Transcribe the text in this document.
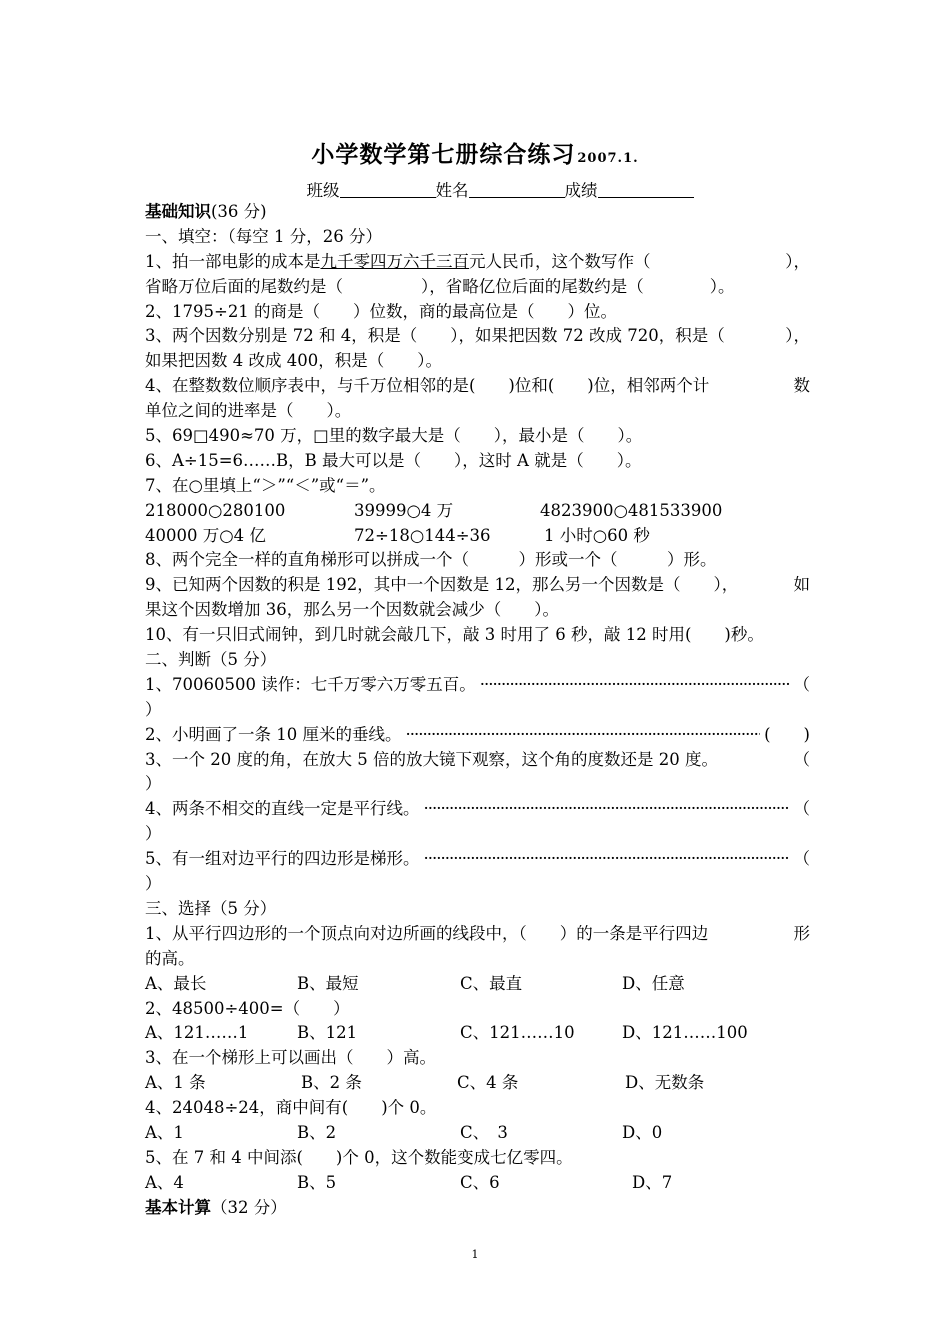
小学数学第七册综合练习 2007.1.
班级	姓名	成绩
基础知识(36 分)
一、填空：（每空 1 分，26 分）
1、拍一部电影的成本是九千零四万六千三百元人民币，这个数写作（	），
省略万位后面的尾数约是（	），省略亿位后面的尾数约是（　　　　）。
2、1795÷21 的商是（　　）位数，商的最高位是（　　）位。
3、两个因数分别是 72 和 4，积是（　　），如果把因数 72 改成 720，积是（	），
如果把因数 4 改成 400，积是（　　）。
4、在整数数位顺序表中，与千万位相邻的是(　　)位和(　　)位，相邻两个计	数
单位之间的进率是（　　）。
5、69□490≈70 万，□里的数字最大是（　　），最小是（　　）。
6、A÷15=6……B，B 最大可以是（　　），这时 A 就是（　　）。
7、在○里填上“＞”“＜”或“＝”。
218000○280100	39999○4 万	4823900○481533900
40000 万○4 亿	72÷18○144÷36	1 小时○60 秒
8、两个完全一样的直角梯形可以拼成一个（　　　）形或一个（　　　）形。
9、已知两个因数的积是 192，其中一个因数是 12，那么另一个因数是（　　），	如
果这个因数增加 36，那么另一个因数就会减少（　　）。
10、有一只旧式闹钟，到几时就会敲几下，敲 3 时用了 6 秒，敲 12 时用(　　)秒。
二、判断（5 分）
1、70060500 读作：七千万零六万零五百。 ·····	（
）
2、小明画了一条 10 厘米的垂线。 ·····	(　　)
3、一个 20 度的角，在放大 5 倍的放大镜下观察，这个角的度数还是 20 度。	（
）
4、两条不相交的直线一定是平行线。 ·····	（
）
5、有一组对边平行的四边形是梯形。 ·····	（
）
三、选择（5 分）
1、从平行四边形的一个顶点向对边所画的线段中，（　　）的一条是平行四边	形
的高。
A、最长	B、最短	C、最直	D、任意
2、48500÷400=（　　）
A、121……1	B、121	C、121……10	D、121……100
3、在一个梯形上可以画出（　　）高。
A、1 条	B、2 条	C、4 条	D、无数条
4、24048÷24，商中间有(　　)个 0。
A、1	B、2	C、　3	D、0
5、在 7 和 4 中间添(　　)个 0，这个数能变成七亿零四。
A、4	B、5	C、6	D、7
基本计算（32 分）
1
